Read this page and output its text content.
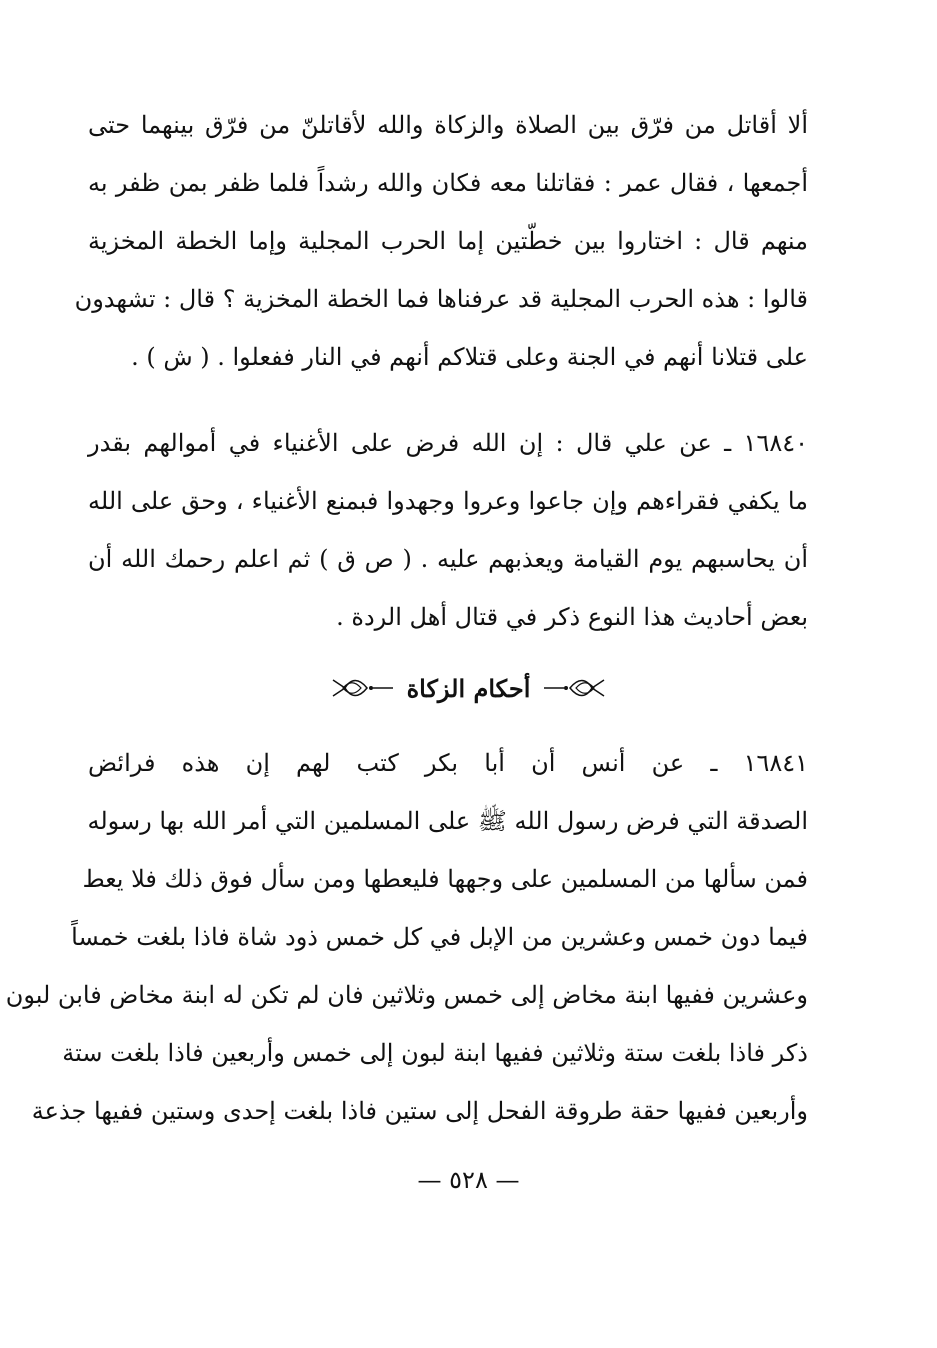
ألا أقاتل من فرّق بين الصلاة والزكاة والله لأقاتلنّ من فرّق بينهما حتى
أجمعها ، فقال عمر : فقاتلنا معه فكان والله رشداً فلما ظفر بمن ظفر به
منهم قال : اختاروا بين خطّتين إما الحرب المجلية وإما الخطة المخزية
قالوا : هذه الحرب المجلية قد عرفناها فما الخطة المخزية ؟ قال : تشهدون
على قتلانا أنهم في الجنة وعلى قتلاكم أنهم في النار ففعلوا . ( ش ) .
١٦٨٤٠ ـ عن علي قال : إن الله فرض على الأغنياء في أموالهم بقدر
ما يكفي فقراءهم وإن جاعوا وعروا وجهدوا فبمنع الأغنياء ، وحق على الله
أن يحاسبهم يوم القيامة ويعذبهم عليه . ( ص ق ) ثم اعلم رحمك الله أن
بعض أحاديث هذا النوع ذكر في قتال أهل الردة .
أحكام الزكاة
١٦٨٤١ ـ عن أنس أن أبا بكر كتب لهم إن هذه فرائض
الصدقة التي فرض رسول الله ﷺ على المسلمين التي أمر الله بها رسوله
فمن سألها من المسلمين على وجهها فليعطها ومن سأل فوق ذلك فلا يعط
فيما دون خمس وعشرين من الإبل في كل خمس ذود شاة فاذا بلغت خمساً
وعشرين ففيها ابنة مخاض إلى خمس وثلاثين فان لم تكن له ابنة مخاض فابن لبون
ذكر فاذا بلغت ستة وثلاثين ففيها ابنة لبون إلى خمس وأربعين فاذا بلغت ستة
وأربعين ففيها حقة طروقة الفحل إلى ستين فاذا بلغت إحدى وستين ففيها جذعة
— ٥٢٨ —
